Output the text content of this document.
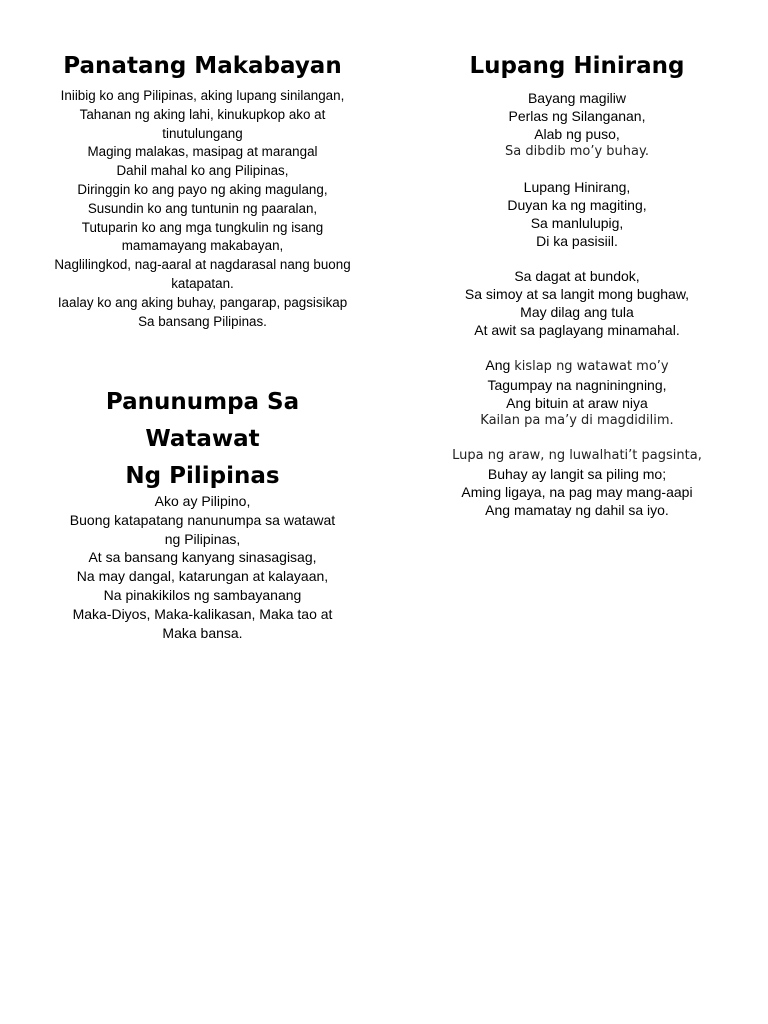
Panatang Makabayan
Iniibig ko ang Pilipinas, aking lupang sinilangan,
Tahanan ng aking lahi, kinukupkop ako at
tinutulungang
Maging malakas, masipag at marangal
Dahil mahal ko ang Pilipinas,
Diringgin ko ang payo ng aking magulang,
Susundin ko ang tuntunin ng paaralan,
Tutuparin ko ang mga tungkulin ng isang
mamamayang makabayan,
Naglilingkod, nag-aaral at nagdarasal nang buong
katapatan.
Iaalay ko ang aking buhay, pangarap, pagsisikap
Sa bansang Pilipinas.
Panunumpa Sa
Watawat
Ng Pilipinas
Ako ay Pilipino,
Buong katapatang nanunumpa sa watawat
ng Pilipinas,
At sa bansang kanyang sinasagisag,
Na may dangal, katarungan at kalayaan,
Na pinakikilos ng sambayanang
Maka-Diyos, Maka-kalikasan, Maka tao at
Maka bansa.
Lupang Hinirang
Bayang magiliw
Perlas ng Silanganan,
Alab ng puso,
Sa dibdib mo’y buhay.
Lupang Hinirang,
Duyan ka ng magiting,
Sa manlulupig,
Di ka pasisiil.
Sa dagat at bundok,
Sa simoy at sa langit mong bughaw,
May dilag ang tula
At awit sa paglayang minamahal.
Ang kislap ng watawat mo’y
Tagumpay na nagniningning,
Ang bituin at araw niya
Kailan pa ma’y di magdidilim.
Lupa ng araw, ng luwalhati’t pagsinta,
Buhay ay langit sa piling mo;
Aming ligaya, na pag may mang-aapi
Ang mamatay ng dahil sa iyo.
